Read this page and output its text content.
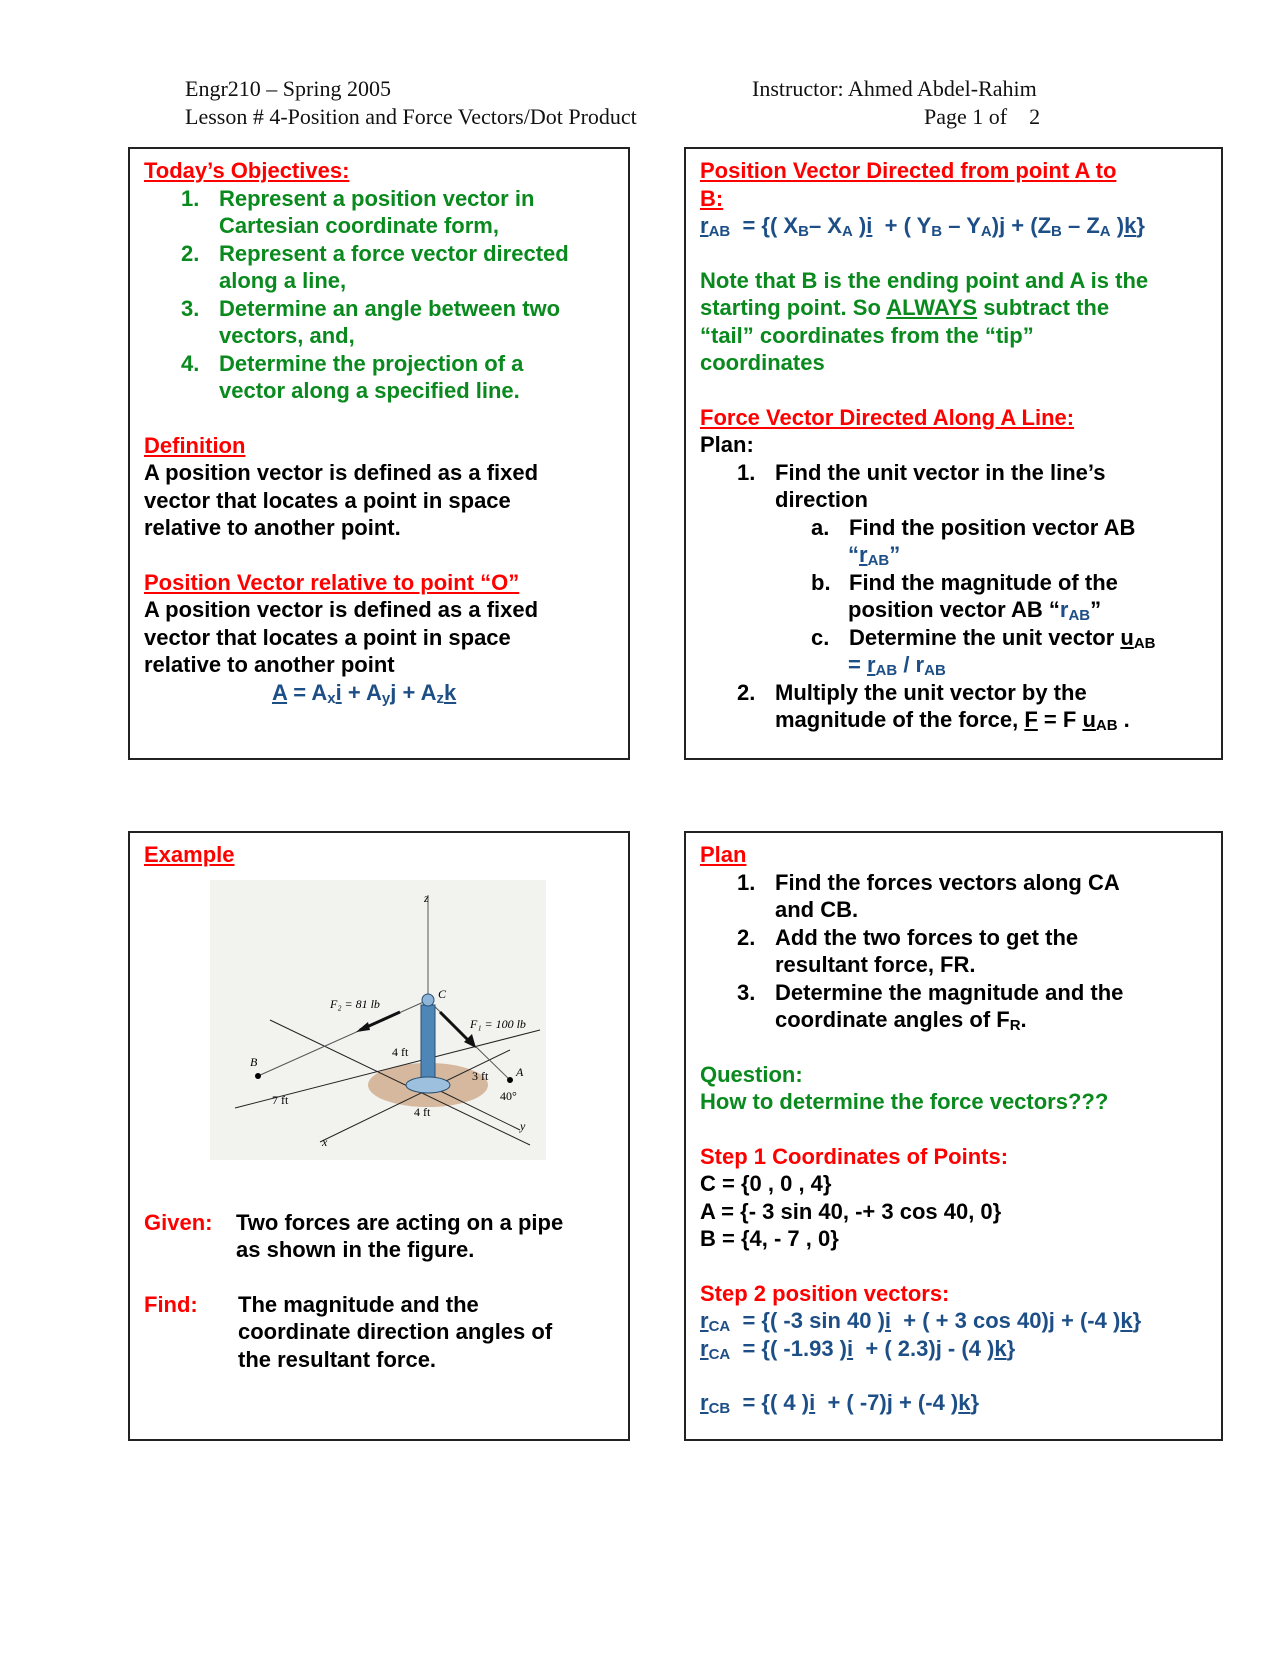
Engr210 – Spring 2005
Lesson # 4-Position and Force Vectors/Dot Product
Instructor: Ahmed Abdel-Rahim
Page 1 of    2
Today’s Objectives:
1. Represent a position vector in
Cartesian coordinate form,
2. Represent a force vector directed
along a line,
3. Determine an angle between two
vectors, and,
4. Determine the projection of a
vector along a specified line.
Definition
A position vector is defined as a fixed
vector that locates a point in space
relative to another point.
Position Vector relative to point “O”
A position vector is defined as a fixed
vector that locates a point in space
relative to another point
$A = A_xi + A_yj + A_zk$
Position Vector Directed from point A to
B:
$r_{AB}$  = {( $X_B-$ $X_A$ )i  + ( $Y_B - Y_A)j + (Z_B - Z_A$ )k}
Note that B is the ending point and A is the
starting point. So ALWAYS subtract the
“tail” coordinates from the “tip”
coordinates
Force Vector Directed Along A Line:
Plan:
1. Find the unit vector in the line’s
direction
a. Find the position vector AB
“$r_{AB}$”
b. Find the magnitude of the
position vector AB “$r_{AB}$”
c. Determine the unit vector $u_{AB}$
= $r_{AB} / r_{AB}$
2. Multiply the unit vector by the
magnitude of the force, F = F $u_{AB}$ .
Example
Given:	Two forces are acting on a pipe
as shown in the figure.
Find:	The magnitude and the
coordinate direction angles of
the resultant force.
z
C
F₂ = 81 lb
F₁ = 100 lb
B
A
4 ft
3 ft
40°
7 ft
4 ft
x
y
Plan
1. Find the forces vectors along CA
and CB.
2. Add the two forces to get the
resultant force, FR.
3. Determine the magnitude and the
coordinate angles of $F_R$.
Question:
How to determine the force vectors???
Step 1 Coordinates of Points:
C = {0 , 0 , 4}
A = {- 3 sin 40, -+ 3 cos 40, 0}
B = {4, - 7 , 0}
Step 2 position vectors:
$r_{CA}$  = {( -3 sin 40 )i  + ( + 3 cos 40)j + (-4 )k}
$r_{CA}$  = {( -1.93 )i  + ( 2.3)j - (4 )k}
$r_{CB}$  = {( 4 )i  + ( -7)j + (-4 )k}
